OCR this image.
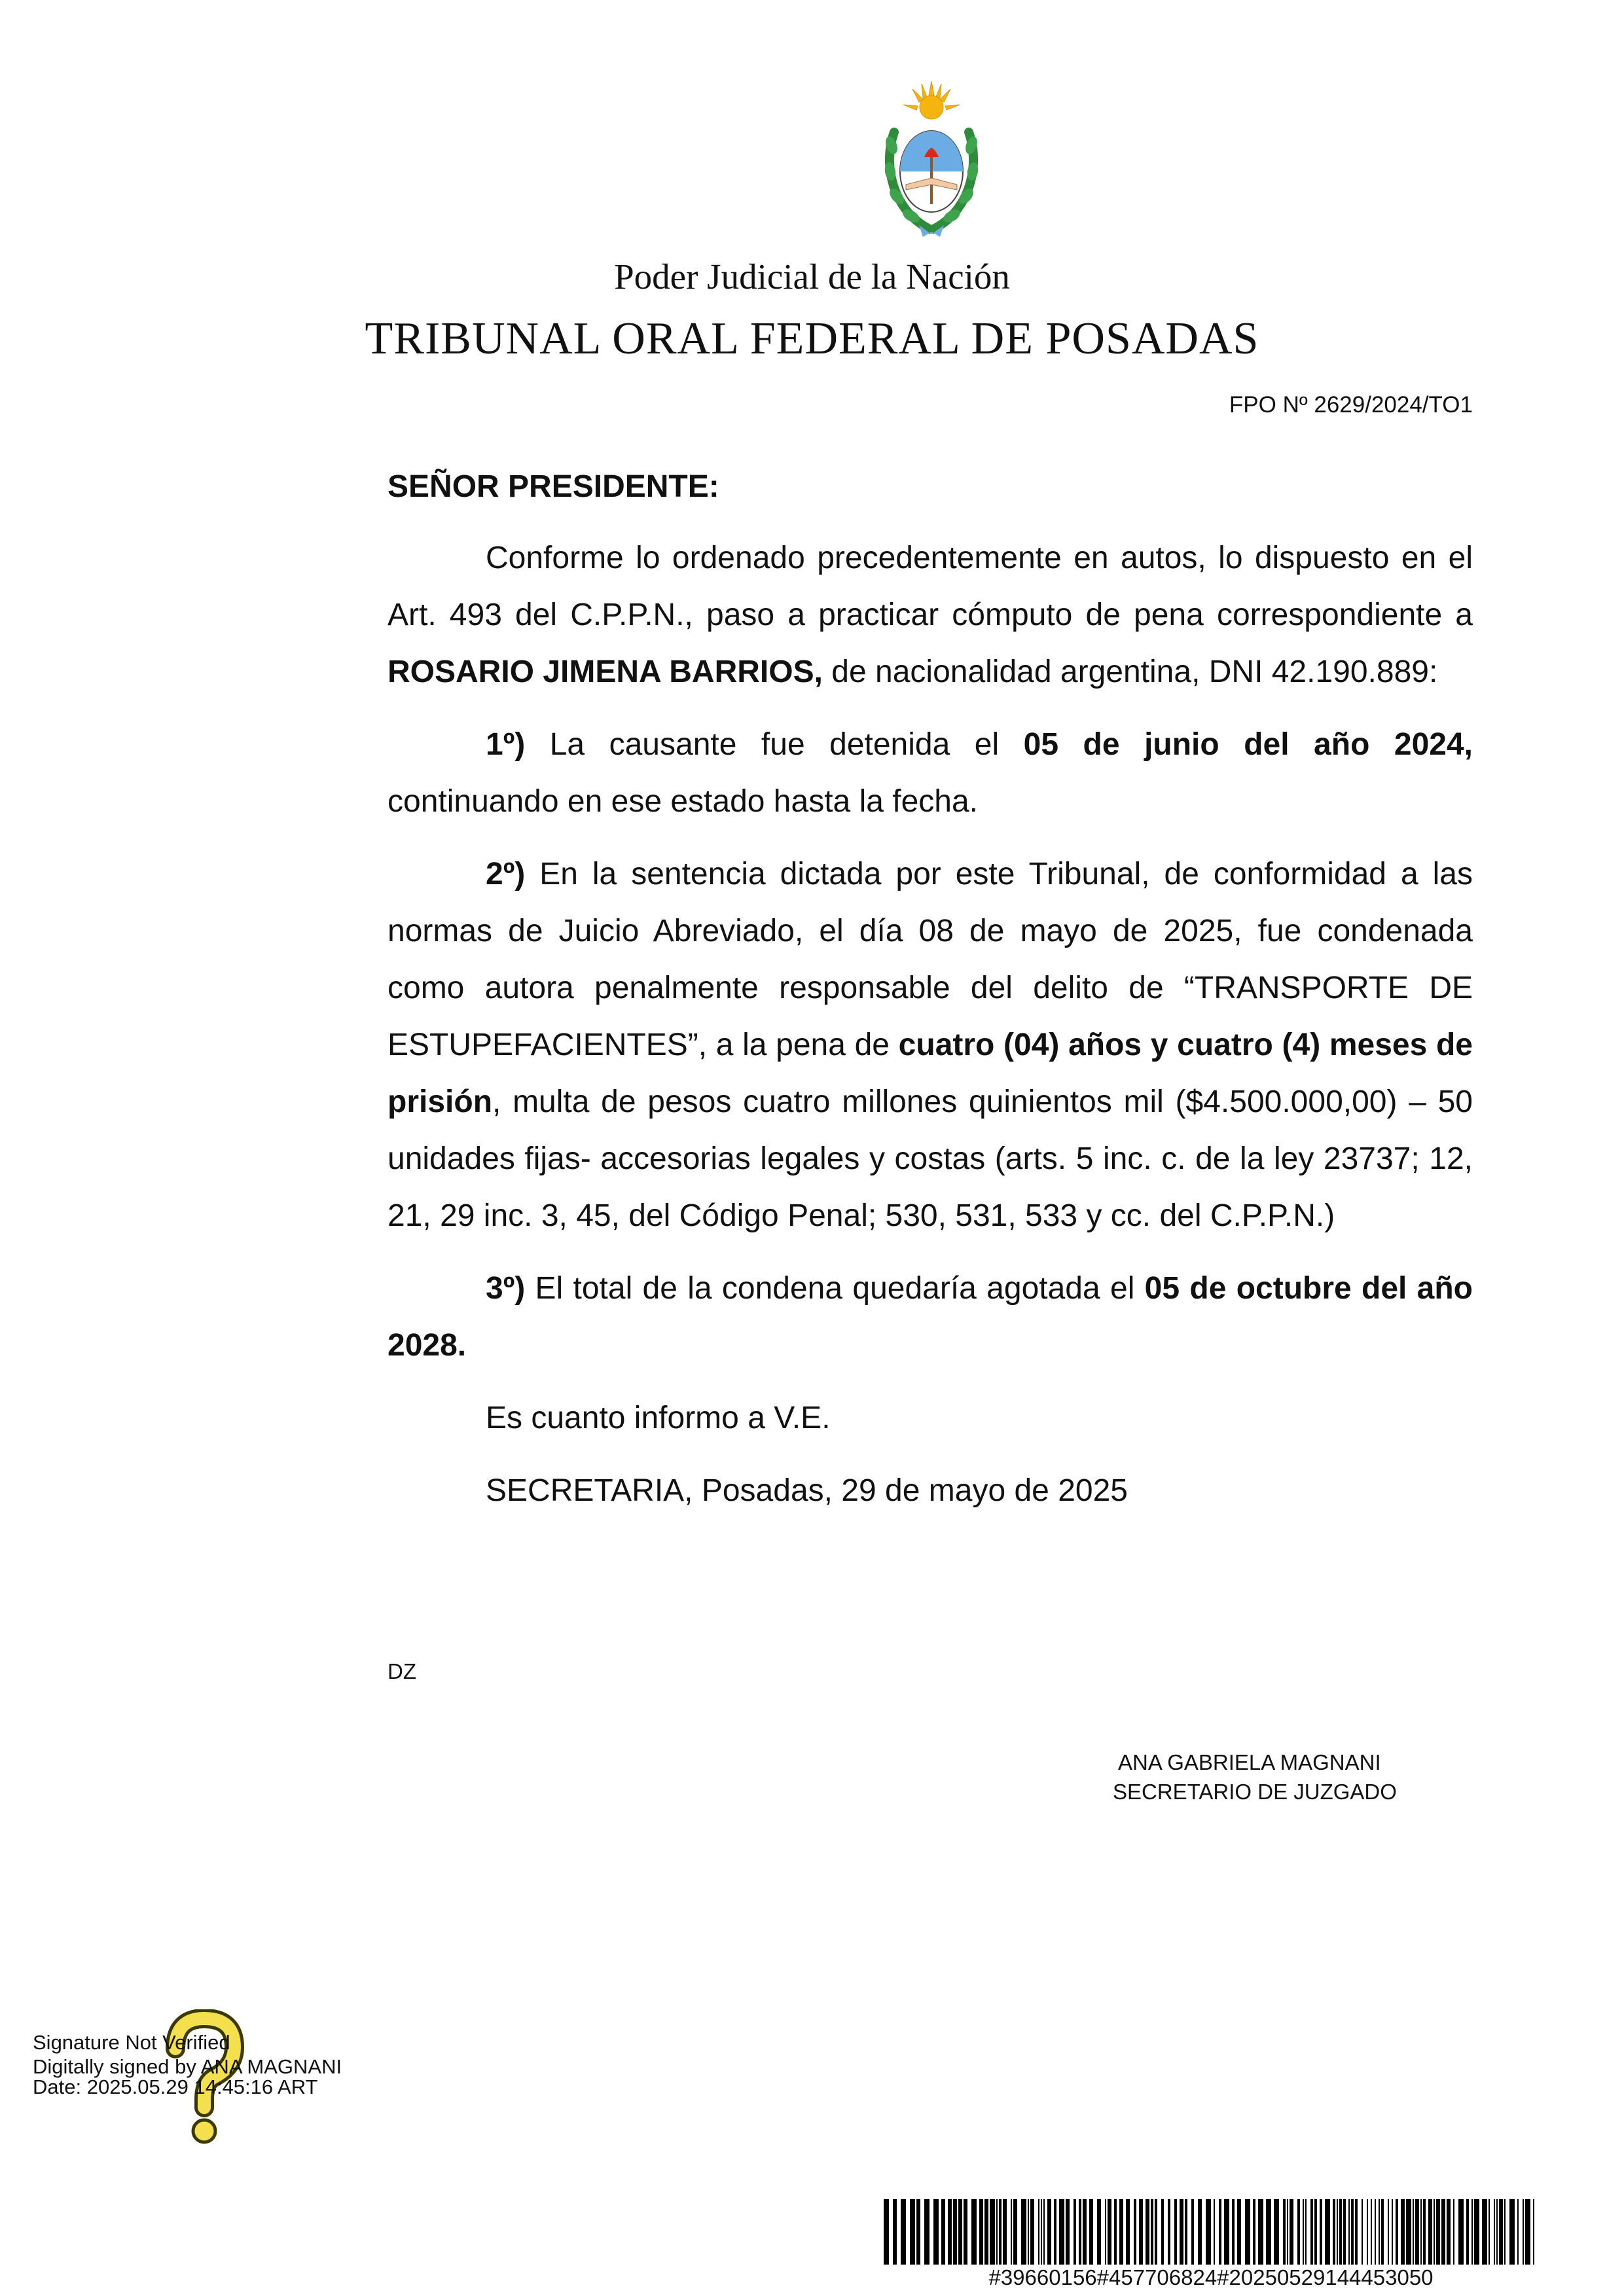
Poder Judicial de la Nación
TRIBUNAL ORAL FEDERAL DE POSADAS
FPO Nº 2629/2024/TO1

SEÑOR PRESIDENTE:

Conforme lo ordenado precedentemente en autos, lo dispuesto en el Art. 493 del C.P.P.N., paso a practicar cómputo de pena correspondiente a ROSARIO JIMENA BARRIOS, de nacionalidad argentina, DNI 42.190.889:

1º) La causante fue detenida el 05 de junio del año 2024, continuando en ese estado hasta la fecha.

2º) En la sentencia dictada por este Tribunal, de conformidad a las normas de Juicio Abreviado, el día 08 de mayo de 2025, fue condenada como autora penalmente responsable del delito de “TRANSPORTE DE ESTUPEFACIENTES”, a la pena de cuatro (04) años y cuatro (4) meses de prisión, multa de pesos cuatro millones quinientos mil ($4.500.000,00) – 50 unidades fijas- accesorias legales y costas (arts. 5 inc. c. de la ley 23737; 12, 21, 29 inc. 3, 45, del Código Penal; 530, 531, 533 y cc. del C.P.P.N.)

3º) El total de la condena quedaría agotada el 05 de octubre del año 2028.

Es cuanto informo a V.E.

SECRETARIA, Posadas, 29 de mayo de 2025

DZ
ANA GABRIELA MAGNANI
SECRETARIO DE JUZGADO
Signature Not Verified
Digitally signed by ANA MAGNANI
Date: 2025.05.29 14:45:16 ART
#39660156#457706824#20250529144453050
